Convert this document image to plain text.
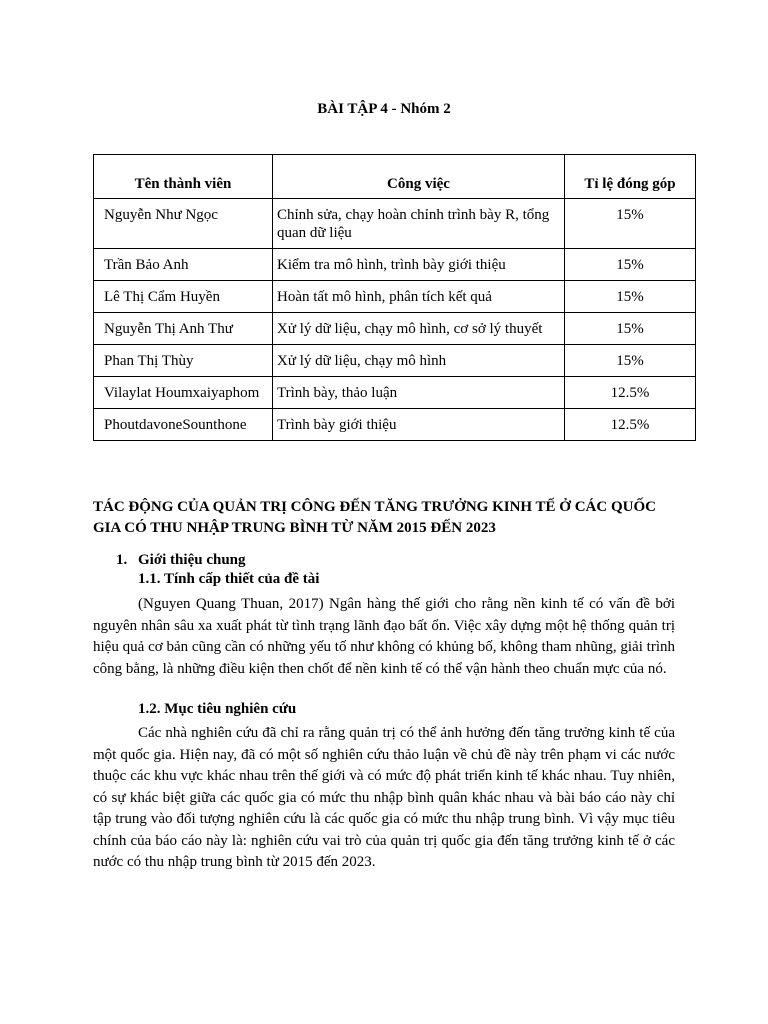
BÀI TẬP 4 - Nhóm 2
Tên thành viên	Công việc	Tỉ lệ đóng góp
Nguyễn Như Ngọc	Chỉnh sửa, chạy hoàn chỉnh trình bày R, tổng quan dữ liệu	15%
Trần Bảo Anh	Kiểm tra mô hình, trình bày giới thiệu	15%
Lê Thị Cẩm Huyền	Hoàn tất mô hình, phân tích kết quả	15%
Nguyễn Thị Anh Thư	Xử lý dữ liệu, chạy mô hình, cơ sở lý thuyết	15%
Phan Thị Thùy	Xử lý dữ liệu, chạy mô hình	15%
Vilaylat Houmxaiyaphom	Trình bày, thảo luận	12.5%
PhoutdavoneSounthone	Trình bày giới thiệu	12.5%
TÁC ĐỘNG CỦA QUẢN TRỊ CÔNG ĐẾN TĂNG TRƯỞNG KINH TẾ Ở CÁC QUỐC GIA CÓ THU NHẬP TRUNG BÌNH TỪ NĂM 2015 ĐẾN 2023

1. Giới thiệu chung

1.1. Tính cấp thiết của đề tài

(Nguyen Quang Thuan, 2017) Ngân hàng thế giới cho rằng nền kinh tế có vấn đề bởi nguyên nhân sâu xa xuất phát từ tình trạng lãnh đạo bất ổn. Việc xây dựng một hệ thống quản trị hiệu quả cơ bản cũng cần có những yếu tố như không có khủng bố, không tham nhũng, giải trình công bằng, là những điều kiện then chốt để nền kinh tế có thể vận hành theo chuẩn mực của nó.

1.2. Mục tiêu nghiên cứu

Các nhà nghiên cứu đã chỉ ra rằng quản trị có thể ảnh hưởng đến tăng trưởng kinh tế của một quốc gia. Hiện nay, đã có một số nghiên cứu thảo luận về chủ đề này trên phạm vi các nước thuộc các khu vực khác nhau trên thế giới và có mức độ phát triển kinh tế khác nhau. Tuy nhiên, có sự khác biệt giữa các quốc gia có mức thu nhập bình quân khác nhau và bài báo cáo này chỉ tập trung vào đối tượng nghiên cứu là các quốc gia có mức thu nhập trung bình. Vì vậy mục tiêu chính của báo cáo này là: nghiên cứu vai trò của quản trị quốc gia đến tăng trưởng kinh tế ở các nước có thu nhập trung bình từ 2015 đến 2023.
